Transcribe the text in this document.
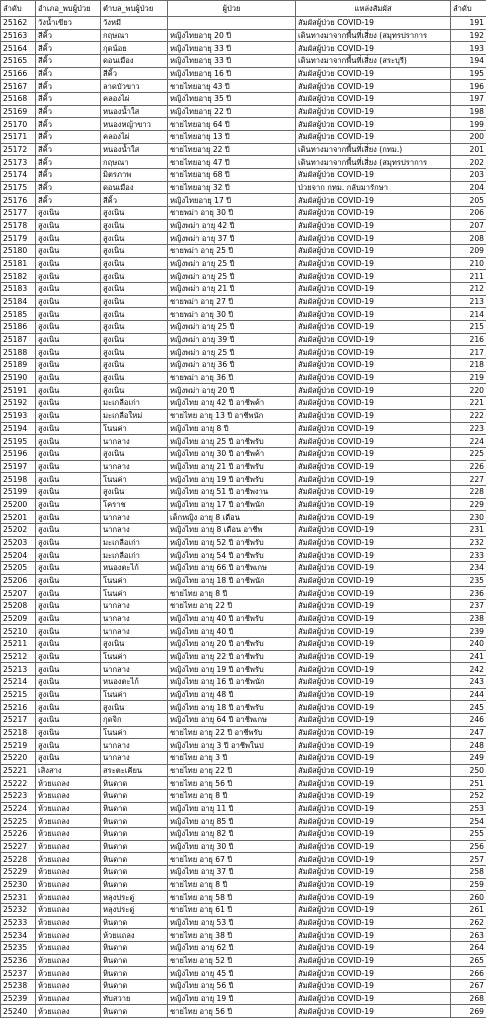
ลำดับ	อำเภอ_พบผู้ป่วย	ตำบล_พบผู้ป่วย	ผู้ป่วย	แหล่งสัมผัส	ลำดับ
25162	วังน้ำเขียว	วังหมี		สัมผัสผู้ป่วย COVID-19	191
25163	สีคิ้ว	กฤษณา	หญิงไทยอายุ 20 ปี	เดินทางมาจากพื้นที่เสี่ยง (สมุทรปราการ	192
25164	สีคิ้ว	กุดน้อย	หญิงไทยอายุ 33 ปี	สัมผัสผู้ป่วย COVID-19	193
25165	สีคิ้ว	ดอนเมือง	หญิงไทยอายุ 33 ปี	เดินทางมาจากพื้นที่เสี่ยง (สระบุรี)	194
25166	สีคิ้ว	สีคิ้ว	หญิงไทยอายุ 16 ปี	สัมผัสผู้ป่วย COVID-19	195
25167	สีคิ้ว	ลาดบัวขาว	ชายไทยอายุ 43 ปี	สัมผัสผู้ป่วย COVID-19	196
25168	สีคิ้ว	คลองไผ่	หญิงไทยอายุ 35 ปี	สัมผัสผู้ป่วย COVID-19	197
25169	สีคิ้ว	หนองน้ำใส	หญิงไทยอายุ 22 ปี	สัมผัสผู้ป่วย COVID-19	198
25170	สีคิ้ว	หนองหญ้าขาว	ชายไทยอายุ 64 ปี	สัมผัสผู้ป่วย COVID-19	199
25171	สีคิ้ว	คลองไผ่	ชายไทยอายุ 13 ปี	สัมผัสผู้ป่วย COVID-19	200
25172	สีคิ้ว	หนองน้ำใส	ชายไทยอายุ 22 ปี	เดินทางมาจากพื้นที่เสี่ยง (กทม.)	201
25173	สีคิ้ว	กฤษณา	ชายไทยอายุ 47 ปี	เดินทางมาจากพื้นที่เสี่ยง (สมุทรปราการ	202
25174	สีคิ้ว	มิตรภาพ	ชายไทยอายุ 68 ปี	สัมผัสผู้ป่วย COVID-19	203
25175	สีคิ้ว	ดอนเมือง	ชายไทยอายุ 32 ปี	ป่วยจาก กทม. กลับมารักษา	204
25176	สีคิ้ว	สีคิ้ว	หญิงไทยอายุ 17 ปี	สัมผัสผู้ป่วย COVID-19	205
25177	สูงเนิน	สูงเนิน	ชายพม่า อายุ 30 ปี	สัมผัสผู้ป่วย COVID-19	206
25178	สูงเนิน	สูงเนิน	หญิงพม่า อายุ 42 ปี	สัมผัสผู้ป่วย COVID-19	207
25179	สูงเนิน	สูงเนิน	หญิงพม่า อายุ 37 ปี	สัมผัสผู้ป่วย COVID-19	208
25180	สูงเนิน	สูงเนิน	ชายพม่า อายุ 25 ปี	สัมผัสผู้ป่วย COVID-19	209
25181	สูงเนิน	สูงเนิน	หญิงพม่า อายุ 25 ปี	สัมผัสผู้ป่วย COVID-19	210
25182	สูงเนิน	สูงเนิน	หญิงพม่า อายุ 25 ปี	สัมผัสผู้ป่วย COVID-19	211
25183	สูงเนิน	สูงเนิน	หญิงพม่า อายุ 21 ปี	สัมผัสผู้ป่วย COVID-19	212
25184	สูงเนิน	สูงเนิน	ชายพม่า อายุ 27 ปี	สัมผัสผู้ป่วย COVID-19	213
25185	สูงเนิน	สูงเนิน	ชายพม่า อายุ 30 ปี	สัมผัสผู้ป่วย COVID-19	214
25186	สูงเนิน	สูงเนิน	หญิงพม่า อายุ 25 ปี	สัมผัสผู้ป่วย COVID-19	215
25187	สูงเนิน	สูงเนิน	หญิงพม่า อายุ 39 ปี	สัมผัสผู้ป่วย COVID-19	216
25188	สูงเนิน	สูงเนิน	หญิงพม่า อายุ 25 ปี	สัมผัสผู้ป่วย COVID-19	217
25189	สูงเนิน	สูงเนิน	หญิงพม่า อายุ 36 ปี	สัมผัสผู้ป่วย COVID-19	218
25190	สูงเนิน	สูงเนิน	ชายพม่า อายุ 36 ปี	สัมผัสผู้ป่วย COVID-19	219
25191	สูงเนิน	สูงเนิน	หญิงพม่า อายุ 20 ปี	สัมผัสผู้ป่วย COVID-19	220
25192	สูงเนิน	มะเกลือเก่า	หญิงไทย อายุ 42 ปี อาชีพค้า	สัมผัสผู้ป่วย COVID-19	221
25193	สูงเนิน	มะเกลือใหม่	ชายไทย อายุ 13 ปี อาชีพนัก	สัมผัสผู้ป่วย COVID-19	222
25194	สูงเนิน	โนนค่า	หญิงไทย อายุ 8 ปี	สัมผัสผู้ป่วย COVID-19	223
25195	สูงเนิน	นากลาง	หญิงไทย อายุ 25 ปี อาชีพรับ	สัมผัสผู้ป่วย COVID-19	224
25196	สูงเนิน	สูงเนิน	หญิงไทย อายุ 30 ปี อาชีพค้า	สัมผัสผู้ป่วย COVID-19	225
25197	สูงเนิน	นากลาง	หญิงไทย อายุ 21 ปี อาชีพรับ	สัมผัสผู้ป่วย COVID-19	226
25198	สูงเนิน	โนนค่า	หญิงไทย อายุ 19 ปี อาชีพรับ	สัมผัสผู้ป่วย COVID-19	227
25199	สูงเนิน	สูงเนิน	หญิงไทย อายุ 51 ปี อาชีพงาน	สัมผัสผู้ป่วย COVID-19	228
25200	สูงเนิน	โคราช	หญิงไทย อายุ 17 ปี อาชีพนัก	สัมผัสผู้ป่วย COVID-19	229
25201	สูงเนิน	นากลาง	เด็กหญิง อายุ 8 เดือน	สัมผัสผู้ป่วย COVID-19	230
25202	สูงเนิน	นากลาง	หญิงไทย อายุ 8 เดือน อาชีพ	สัมผัสผู้ป่วย COVID-19	231
25203	สูงเนิน	มะเกลือเก่า	หญิงไทย อายุ 52 ปี อาชีพรับ	สัมผัสผู้ป่วย COVID-19	232
25204	สูงเนิน	มะเกลือเก่า	หญิงไทย อายุ 54 ปี อาชีพรับ	สัมผัสผู้ป่วย COVID-19	233
25205	สูงเนิน	หนองตะไก้	หญิงไทย อายุ 66 ปี อาชีพเกษ	สัมผัสผู้ป่วย COVID-19	234
25206	สูงเนิน	โนนค่า	หญิงไทย อายุ 18 ปี อาชีพนัก	สัมผัสผู้ป่วย COVID-19	235
25207	สูงเนิน	โนนค่า	ชายไทย อายุ 8 ปี	สัมผัสผู้ป่วย COVID-19	236
25208	สูงเนิน	นากลาง	ชายไทย อายุ 22 ปี	สัมผัสผู้ป่วย COVID-19	237
25209	สูงเนิน	นากลาง	หญิงไทย อายุ 40 ปี อาชีพรับ	สัมผัสผู้ป่วย COVID-19	238
25210	สูงเนิน	นากลาง	หญิงไทย อายุ 40 ปี	สัมผัสผู้ป่วย COVID-19	239
25211	สูงเนิน	สูงเนิน	หญิงไทย อายุ 20 ปี อาชีพรับ	สัมผัสผู้ป่วย COVID-19	240
25212	สูงเนิน	โนนค่า	หญิงไทย อายุ 22 ปี อาชีพรับ	สัมผัสผู้ป่วย COVID-19	241
25213	สูงเนิน	นากลาง	หญิงไทย อายุ 19 ปี อาชีพรับ	สัมผัสผู้ป่วย COVID-19	242
25214	สูงเนิน	หนองตะไก้	หญิงไทย อายุ 16 ปี อาชีพนัก	สัมผัสผู้ป่วย COVID-19	243
25215	สูงเนิน	โนนค่า	หญิงไทย อายุ 48 ปี	สัมผัสผู้ป่วย COVID-19	244
25216	สูงเนิน	สูงเนิน	หญิงไทย อายุ 18 ปี อาชีพรับ	สัมผัสผู้ป่วย COVID-19	245
25217	สูงเนิน	กุดจิก	หญิงไทย อายุ 64 ปี อาชีพเกษ	สัมผัสผู้ป่วย COVID-19	246
25218	สูงเนิน	โนนค่า	ชายไทย อายุ 22 ปี อาชีพรับ	สัมผัสผู้ป่วย COVID-19	247
25219	สูงเนิน	นากลาง	หญิงไทย อายุ 3 ปี อาชีพในป	สัมผัสผู้ป่วย COVID-19	248
25220	สูงเนิน	นากลาง	ชายไทย อายุ 3 ปี	สัมผัสผู้ป่วย COVID-19	249
25221	เสิงสาง	สระตะเคียน	ชายไทย อายุ 22 ปี	สัมผัสผู้ป่วย COVID-19	250
25222	ห้วยแถลง	หินดาด	ชายไทย อายุ 56 ปี	สัมผัสผู้ป่วย COVID-19	251
25223	ห้วยแถลง	หินดาด	ชายไทย อายุ 8 ปี	สัมผัสผู้ป่วย COVID-19	252
25224	ห้วยแถลง	หินดาด	หญิงไทย อายุ 11 ปี	สัมผัสผู้ป่วย COVID-19	253
25225	ห้วยแถลง	หินดาด	หญิงไทย อายุ 85 ปี	สัมผัสผู้ป่วย COVID-19	254
25226	ห้วยแถลง	หินดาด	หญิงไทย อายุ 82 ปี	สัมผัสผู้ป่วย COVID-19	255
25227	ห้วยแถลง	หินดาด	หญิงไทย อายุ 30 ปี	สัมผัสผู้ป่วย COVID-19	256
25228	ห้วยแถลง	หินดาด	ชายไทย อายุ 67 ปี	สัมผัสผู้ป่วย COVID-19	257
25229	ห้วยแถลง	หินดาด	หญิงไทย อายุ 37 ปี	สัมผัสผู้ป่วย COVID-19	258
25230	ห้วยแถลง	หินดาด	ชายไทย อายุ 8 ปี	สัมผัสผู้ป่วย COVID-19	259
25231	ห้วยแถลง	หลุงประดู่	ชายไทย อายุ 58 ปี	สัมผัสผู้ป่วย COVID-19	260
25232	ห้วยแถลง	หลุงประดู่	ชายไทย อายุ 61 ปี	สัมผัสผู้ป่วย COVID-19	261
25233	ห้วยแถลง	หินดาด	หญิงไทย อายุ 53 ปี	สัมผัสผู้ป่วย COVID-19	262
25234	ห้วยแถลง	ห้วยแถลง	ชายไทย อายุ 38 ปี	สัมผัสผู้ป่วย COVID-19	263
25235	ห้วยแถลง	หินดาด	หญิงไทย อายุ 62 ปี	สัมผัสผู้ป่วย COVID-19	264
25236	ห้วยแถลง	หินดาด	ชายไทย อายุ 52 ปี	สัมผัสผู้ป่วย COVID-19	265
25237	ห้วยแถลง	หินดาด	หญิงไทย อายุ 45 ปี	สัมผัสผู้ป่วย COVID-19	266
25238	ห้วยแถลง	หินดาด	หญิงไทย อายุ 56 ปี	สัมผัสผู้ป่วย COVID-19	267
25239	ห้วยแถลง	ทับสวาย	หญิงไทย อายุ 19 ปี	สัมผัสผู้ป่วย COVID-19	268
25240	ห้วยแถลง	หินดาด	ชายไทย อายุ 56 ปี	สัมผัสผู้ป่วย COVID-19	269
